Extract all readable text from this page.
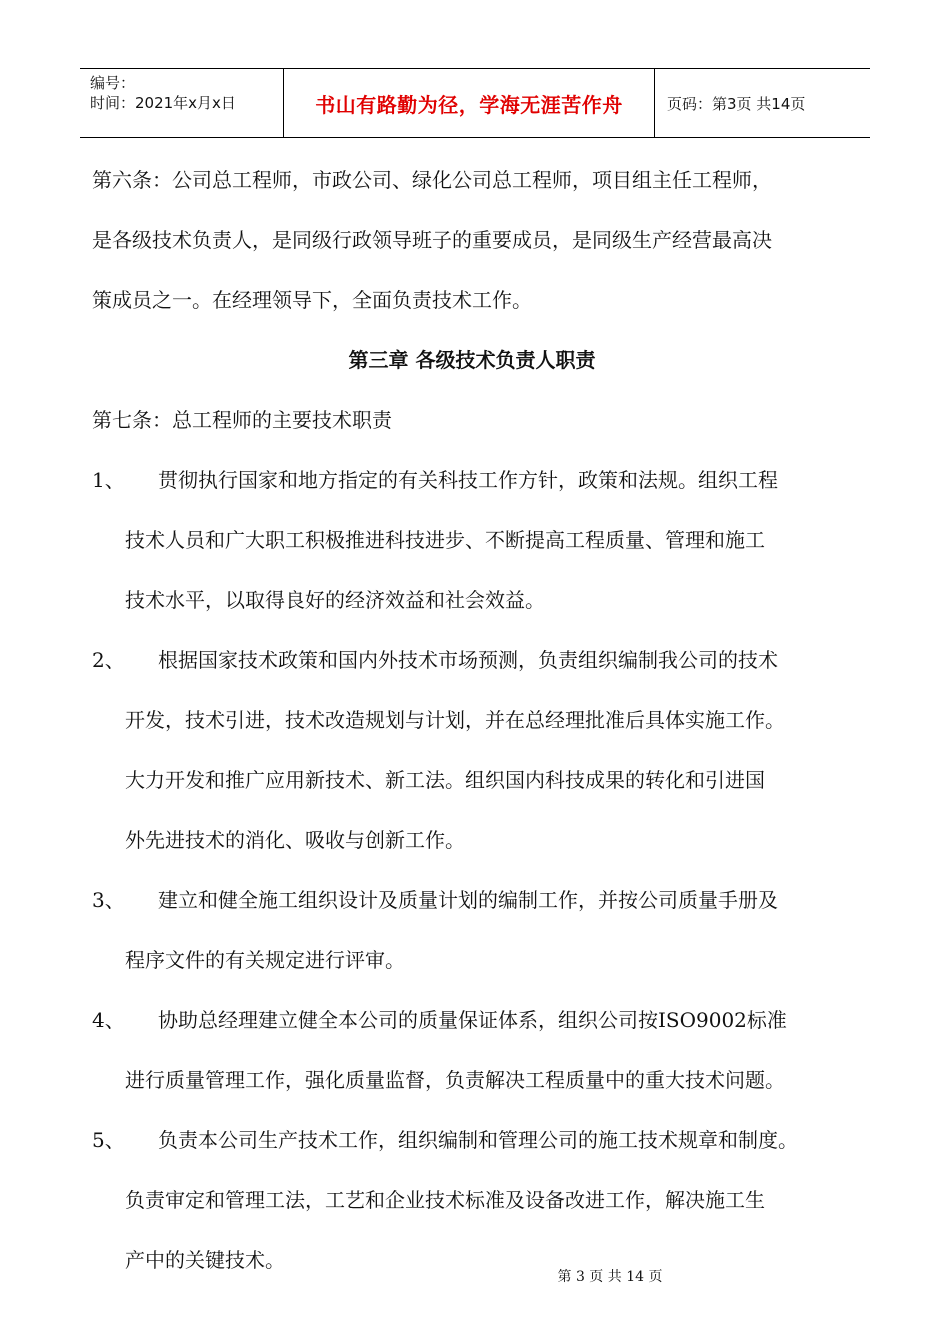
编号：
时间：2021年x月x日	书山有路勤为径，学海无涯苦作舟	页码：第3页 共14页

第六条：公司总工程师，市政公司、绿化公司总工程师，项目组主任工程师，

是各级技术负责人，是同级行政领导班子的重要成员，是同级生产经营最高决

策成员之一。在经理领导下，全面负责技术工作。

第三章 各级技术负责人职责

第七条：总工程师的主要技术职责

1、	贯彻执行国家和地方指定的有关科技工作方针，政策和法规。组织工程

技术人员和广大职工积极推进科技进步、不断提高工程质量、管理和施工

技术水平，以取得良好的经济效益和社会效益。

2、	根据国家技术政策和国内外技术市场预测，负责组织编制我公司的技术

开发，技术引进，技术改造规划与计划，并在总经理批准后具体实施工作。

大力开发和推广应用新技术、新工法。组织国内科技成果的转化和引进国

外先进技术的消化、吸收与创新工作。

3、	建立和健全施工组织设计及质量计划的编制工作，并按公司质量手册及

程序文件的有关规定进行评审。

4、	协助总经理建立健全本公司的质量保证体系，组织公司按ISO9002标准

进行质量管理工作，强化质量监督，负责解决工程质量中的重大技术问题。

5、	负责本公司生产技术工作，组织编制和管理公司的施工技术规章和制度。

负责审定和管理工法，工艺和企业技术标准及设备改进工作，解决施工生

产中的关键技术。

第 3 页 共 14 页
